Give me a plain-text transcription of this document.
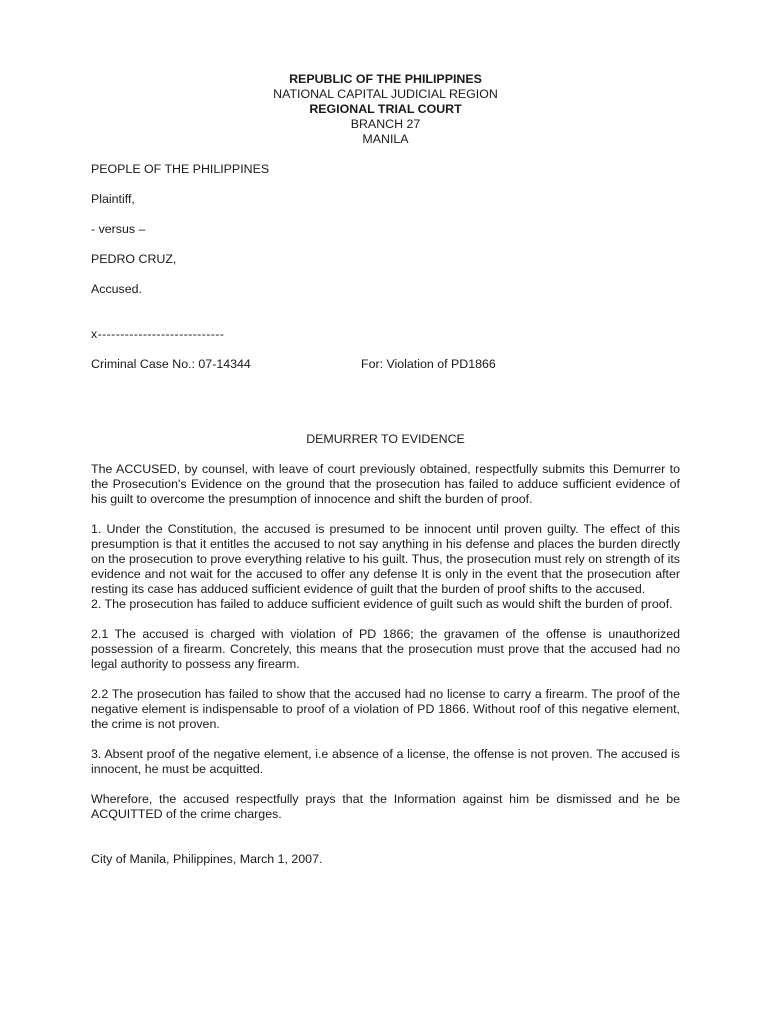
REPUBLIC OF THE PHILIPPINES
NATIONAL CAPITAL JUDICIAL REGION
REGIONAL TRIAL COURT
BRANCH 27
MANILA
PEOPLE OF THE PHILIPPINES
Plaintiff,
- versus –
PEDRO CRUZ,
Accused.
x----------------------------
Criminal Case No.: 07-14344	For: Violation of PD1866
DEMURRER TO EVIDENCE

The ACCUSED, by counsel, with leave of court previously obtained, respectfully submits this Demurrer to the Prosecution's Evidence on the ground that the prosecution has failed to adduce sufficient evidence of his guilt to overcome the presumption of innocence and shift the burden of proof.

1. Under the Constitution, the accused is presumed to be innocent until proven guilty. The effect of this presumption is that it entitles the accused to not say anything in his defense and places the burden directly on the prosecution to prove everything relative to his guilt. Thus, the prosecution must rely on strength of its evidence and not wait for the accused to offer any defense It is only in the event that the prosecution after resting its case has adduced sufficient evidence of guilt that the burden of proof shifts to the accused.

2. The prosecution has failed to adduce sufficient evidence of guilt such as would shift the burden of proof.

2.1 The accused is charged with violation of PD 1866; the gravamen of the offense is unauthorized possession of a firearm. Concretely, this means that the prosecution must prove that the accused had no legal authority to possess any firearm.

2.2 The prosecution has failed to show that the accused had no license to carry a firearm. The proof of the negative element is indispensable to proof of a violation of PD 1866. Without roof of this negative element, the crime is not proven.

3. Absent proof of the negative element, i.e absence of a license, the offense is not proven. The accused is innocent, he must be acquitted.

Wherefore, the accused respectfully prays that the Information against him be dismissed and he be ACQUITTED of the crime charges.

City of Manila, Philippines, March 1, 2007.
